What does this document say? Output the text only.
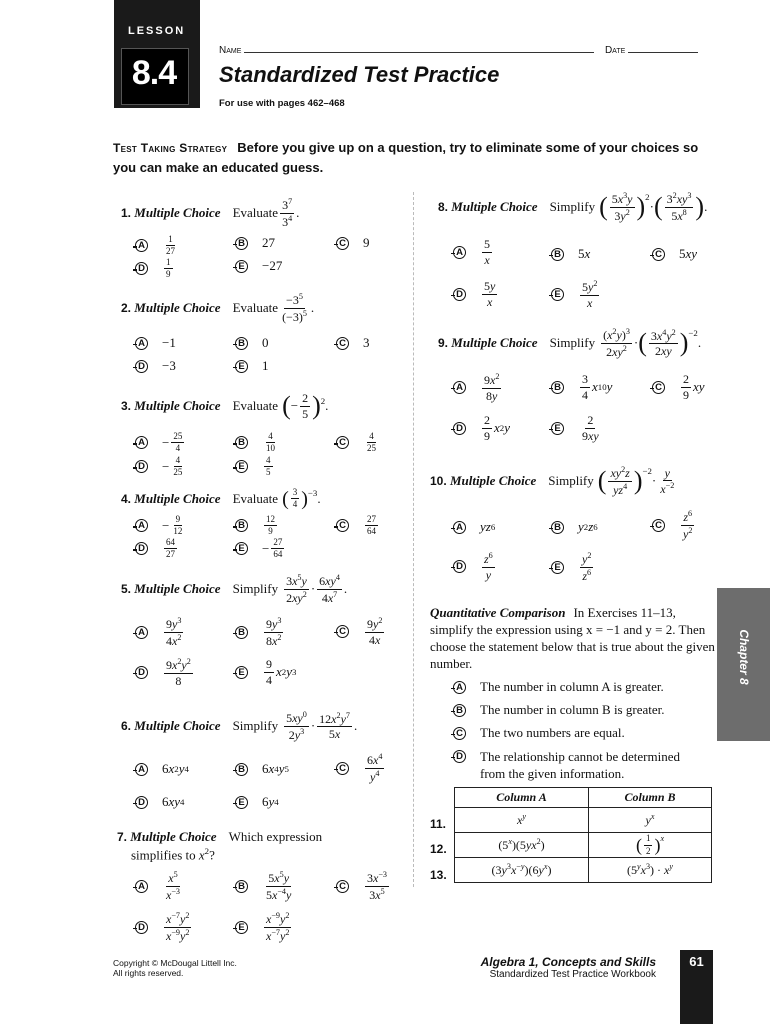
LESSON
8.4
Name	Date
Standardized Test Practice
For use with pages 462–468
Test Taking Strategy Before you give up on a question, try to eliminate some of your choices so you can make an educated guess.
1.
Multiple Choice Evaluate $\frac{3^7}{3^4}$ .
A	$\frac{1}{27}$	B 27	C 9
D	$\frac{1}{9}$	E −27
2.
Multiple Choice Evaluate $\frac{-3^5}{(-3)^5}$ .
A −1	B 0	C 3
D −3	E 1
3.
Multiple Choice Evaluate ( − $\frac{2}{5} )^2$ .
$A - \frac{25}{4}$	B	$\frac{4}{10}$	C	$\frac{4}{25}$
$D - \frac{4}{25}$	E	$\frac{4}{5}$
4.
Multiple Choice Evaluate ( $\frac{3}{4} )^{-3}$ .
$A - \frac{9}{12}$	B	$\frac{12}{9}$	C	$\frac{27}{64}$
D	$\frac{64}{27}$	$E - \frac{27}{64}$
5.
Multiple Choice Simplify $\frac{3x^5y}{2xy^2} \cdot \frac{6xy^4}{4x^7}$ .
A $\frac{9y^3}{4x^2}$	B $\frac{9y^3}{8x^2}$	C $\frac{9y^2}{4x}$
D $\frac{9x^2y^2}{8}$	E $\frac{9}{4}$ x 2 y 3
6.
Multiple Choice Simplify $\frac{5xy^0}{2y^3} \cdot \frac{12x^2y^7}{5x}$ .
A 6 x 2 y 4	B 6 x 4 y 5	C $\frac{6x^4}{y^4}$
D 6 xy 4	E 6 y 4
7. Multiple Choice Which expression
simplifies to $x^2$?
A $\frac{x^5}{x^{-3}}$	B $\frac{5x^5y}{5x^{-4}y}$	C $\frac{3x^{-3}}{3x^5}$
D $\frac{x^{-7}y^2}{x^{-9}y^2}$	E $\frac{x^{-9}y^2}{x^{-7}y^2}$
8.
Multiple Choice Simplify ( $\frac{5x^3y}{3y^2} )^2$
· ( $\frac{3^2xy^3}{5x^8}$ ) .
A $\frac{5}{x}$	B 5 x	C 5 xy
D $\frac{5y}{x}$	E $\frac{5y^2}{x}$
9.
Multiple Choice Simplify $\frac{(x^2y)^3}{2xy^2}$ · ( $\frac{3x^4y^2}{2xy} )^{-2}$
.
A $\frac{9x^2}{8y}$	B $\frac{3}{4}$ x 10 y	C $\frac{2}{9}$ xy
D $\frac{2}{9}$ x 2 y	E $\frac{2}{9xy}$
10.
Multiple Choice Simplify ( $\frac{xy^2z}{yz^4} )^{-2}$
· $\frac{y}{x^{-2}}$
A yz 6	B y 2 z 6	C $\frac{z^6}{y^2}$
D $\frac{z^6}{y}$	E $\frac{y^2}{z^6}$
Quantitative Comparison In Exercises 11–13, simplify the expression using x = −1 and y = 2. Then choose the statement below that is true about the given number.
A The number in column A is greater.
B The number in column B is greater.
C The two numbers are equal.
D The relationship cannot be determined from the given information.
Column A	Column B
$x^y$	$y^x$
$(5^x)(5yx^2)$	( $\frac{1}{2}$ ) $^x$

$(3y^3x^{-y})(6y^x)$	$(5^yx^3) \cdot x^y$
11.
12.
13.
Chapter 8
Copyright © McDougal Littell Inc.
All rights reserved.
Algebra 1, Concepts and Skills
Standardized Test Practice Workbook
61
